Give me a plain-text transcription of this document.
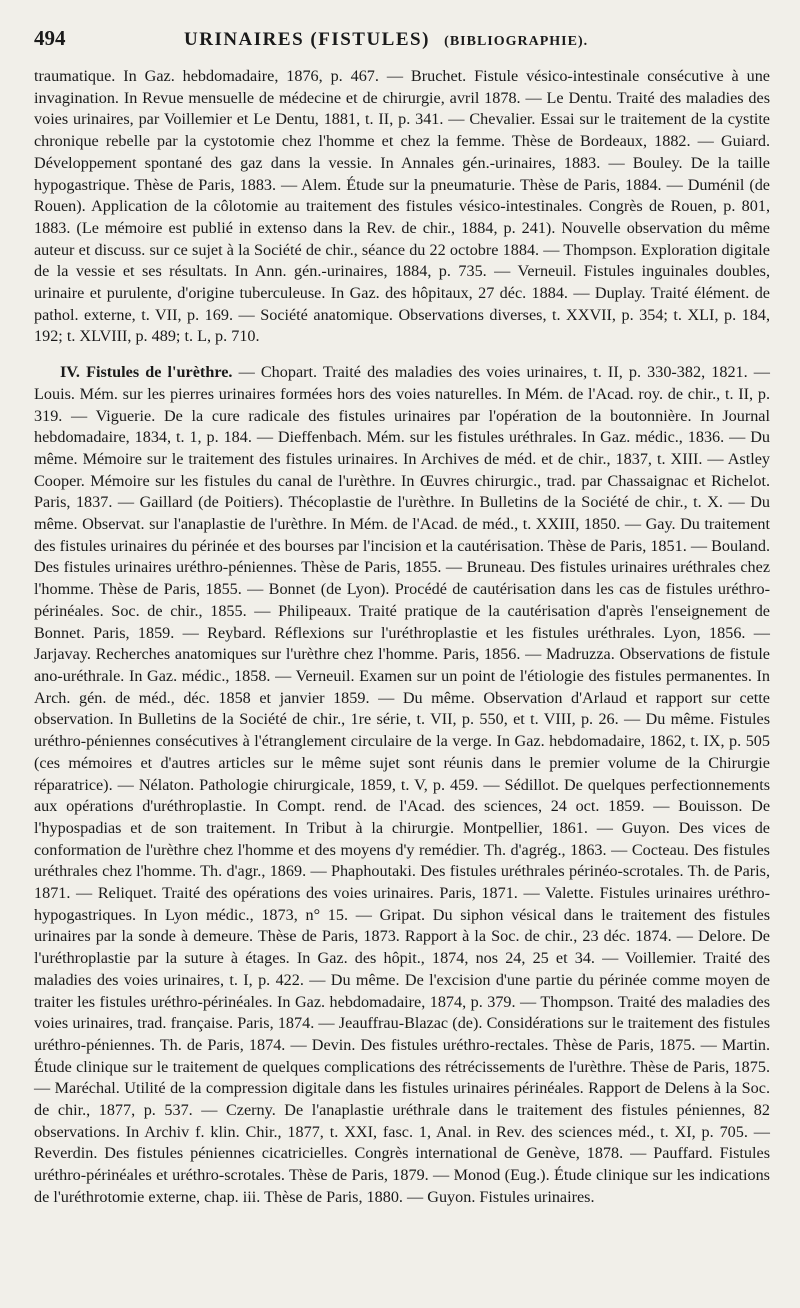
494	URINAIRES (FISTULES) (BIBLIOGRAPHIE).

traumatique. In Gaz. hebdomadaire, 1876, p. 467. — Bruchet. Fistule vésico-intestinale consécutive à une invagination. In Revue mensuelle de médecine et de chirurgie, avril 1878. — Le Dentu. Traité des maladies des voies urinaires, par Voillemier et Le Dentu, 1881, t. II, p. 341. — Chevalier. Essai sur le traitement de la cystite chronique rebelle par la cystotomie chez l'homme et chez la femme. Thèse de Bordeaux, 1882. — Guiard. Développement spontané des gaz dans la vessie. In Annales gén.-urinaires, 1883. — Bouley. De la taille hypogastrique. Thèse de Paris, 1883. — Alem. Étude sur la pneumaturie. Thèse de Paris, 1884. — Duménil (de Rouen). Application de la côlotomie au traitement des fistules vésico-intestinales. Congrès de Rouen, p. 801, 1883. (Le mémoire est publié in extenso dans la Rev. de chir., 1884, p. 241). Nouvelle observation du même auteur et discuss. sur ce sujet à la Société de chir., séance du 22 octobre 1884. — Thompson. Exploration digitale de la vessie et ses résultats. In Ann. gén.-urinaires, 1884, p. 735. — Verneuil. Fistules inguinales doubles, urinaire et purulente, d'origine tuberculeuse. In Gaz. des hôpitaux, 27 déc. 1884. — Duplay. Traité élément. de pathol. externe, t. VII, p. 169. — Société anatomique. Observations diverses, t. XXVII, p. 354; t. XLI, p. 184, 192; t. XLVIII, p. 489; t. L, p. 710.

IV. Fistules de l'urèthre. — Chopart. Traité des maladies des voies urinaires, t. II, p. 330-382, 1821. — Louis. Mém. sur les pierres urinaires formées hors des voies naturelles. In Mém. de l'Acad. roy. de chir., t. II, p. 319. — Viguerie. De la cure radicale des fistules urinaires par l'opération de la boutonnière. In Journal hebdomadaire, 1834, t. 1, p. 184. — Dieffenbach. Mém. sur les fistules uréthrales. In Gaz. médic., 1836. — Du même. Mémoire sur le traitement des fistules urinaires. In Archives de méd. et de chir., 1837, t. XIII. — Astley Cooper. Mémoire sur les fistules du canal de l'urèthre. In Œuvres chirurgic., trad. par Chassaignac et Richelot. Paris, 1837. — Gaillard (de Poitiers). Thécoplastie de l'urèthre. In Bulletins de la Société de chir., t. X. — Du même. Observat. sur l'anaplastie de l'urèthre. In Mém. de l'Acad. de méd., t. XXIII, 1850. — Gay. Du traitement des fistules urinaires du périnée et des bourses par l'incision et la cautérisation. Thèse de Paris, 1851. — Bouland. Des fistules urinaires uréthro-péniennes. Thèse de Paris, 1855. — Bruneau. Des fistules urinaires uréthrales chez l'homme. Thèse de Paris, 1855. — Bonnet (de Lyon). Procédé de cautérisation dans les cas de fistules uréthro-périnéales. Soc. de chir., 1855. — Philipeaux. Traité pratique de la cautérisation d'après l'enseignement de Bonnet. Paris, 1859. — Reybard. Réflexions sur l'uréthroplastie et les fistules uréthrales. Lyon, 1856. — Jarjavay. Recherches anatomiques sur l'urèthre chez l'homme. Paris, 1856. — Madruzza. Observations de fistule ano-uréthrale. In Gaz. médic., 1858. — Verneuil. Examen sur un point de l'étiologie des fistules permanentes. In Arch. gén. de méd., déc. 1858 et janvier 1859. — Du même. Observation d'Arlaud et rapport sur cette observation. In Bulletins de la Société de chir., 1re série, t. VII, p. 550, et t. VIII, p. 26. — Du même. Fistules uréthro-péniennes consécutives à l'étranglement circulaire de la verge. In Gaz. hebdomadaire, 1862, t. IX, p. 505 (ces mémoires et d'autres articles sur le même sujet sont réunis dans le premier volume de la Chirurgie réparatrice). — Nélaton. Pathologie chirurgicale, 1859, t. V, p. 459. — Sédillot. De quelques perfectionnements aux opérations d'uréthroplastie. In Compt. rend. de l'Acad. des sciences, 24 oct. 1859. — Bouisson. De l'hypospadias et de son traitement. In Tribut à la chirurgie. Montpellier, 1861. — Guyon. Des vices de conformation de l'urèthre chez l'homme et des moyens d'y remédier. Th. d'agrég., 1863. — Cocteau. Des fistules uréthrales chez l'homme. Th. d'agr., 1869. — Phaphoutaki. Des fistules uréthrales périnéo-scrotales. Th. de Paris, 1871. — Reliquet. Traité des opérations des voies urinaires. Paris, 1871. — Valette. Fistules urinaires uréthro-hypogastriques. In Lyon médic., 1873, n° 15. — Gripat. Du siphon vésical dans le traitement des fistules urinaires par la sonde à demeure. Thèse de Paris, 1873. Rapport à la Soc. de chir., 23 déc. 1874. — Delore. De l'uréthroplastie par la suture à étages. In Gaz. des hôpit., 1874, nos 24, 25 et 34. — Voillemier. Traité des maladies des voies urinaires, t. I, p. 422. — Du même. De l'excision d'une partie du périnée comme moyen de traiter les fistules uréthro-périnéales. In Gaz. hebdomadaire, 1874, p. 379. — Thompson. Traité des maladies des voies urinaires, trad. française. Paris, 1874. — Jeauffrau-Blazac (de). Considérations sur le traitement des fistules uréthro-péniennes. Th. de Paris, 1874. — Devin. Des fistules uréthro-rectales. Thèse de Paris, 1875. — Martin. Étude clinique sur le traitement de quelques complications des rétrécissements de l'urèthre. Thèse de Paris, 1875. — Maréchal. Utilité de la compression digitale dans les fistules urinaires périnéales. Rapport de Delens à la Soc. de chir., 1877, p. 537. — Czerny. De l'anaplastie uréthrale dans le traitement des fistules péniennes, 82 observations. In Archiv f. klin. Chir., 1877, t. XXI, fasc. 1, Anal. in Rev. des sciences méd., t. XI, p. 705. — Reverdin. Des fistules péniennes cicatricielles. Congrès international de Genève, 1878. — Pauffard. Fistules uréthro-périnéales et uréthro-scrotales. Thèse de Paris, 1879. — Monod (Eug.). Étude clinique sur les indications de l'uréthrotomie externe, chap. iii. Thèse de Paris, 1880. — Guyon. Fistules urinaires.
